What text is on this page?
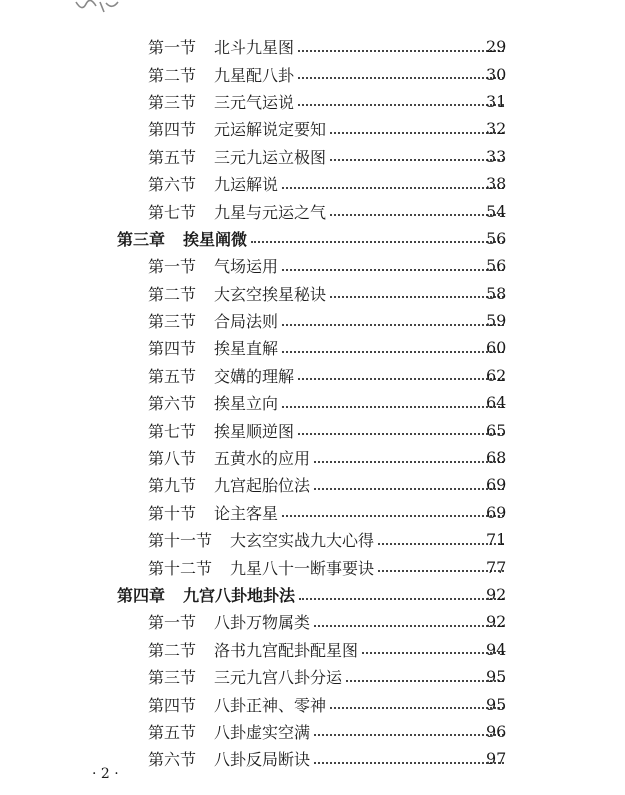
第一节 北斗九星图	29
第二节 九星配八卦	30
第三节 三元气运说	31
第四节 元运解说定要知	32
第五节 三元九运立极图	33
第六节 九运解说	38
第七节 九星与元运之气	54
第三章 挨星阐微	56
第一节 气场运用	56
第二节 大玄空挨星秘诀	58
第三节 合局法则	59
第四节 挨星直解	60
第五节 交媾的理解	62
第六节 挨星立向	64
第七节 挨星顺逆图	65
第八节 五黄水的应用	68
第九节 九宫起胎位法	69
第十节 论主客星	69
第十一节 大玄空实战九大心得	71
第十二节 九星八十一断事要诀	77
第四章 九宫八卦地卦法	92
第一节 八卦万物属类	92
第二节 洛书九宫配卦配星图	94
第三节 三元九宫八卦分运	95
第四节 八卦正神、零神	95
第五节 八卦虚实空满	96
第六节 八卦反局断诀	97
· 2 ·
